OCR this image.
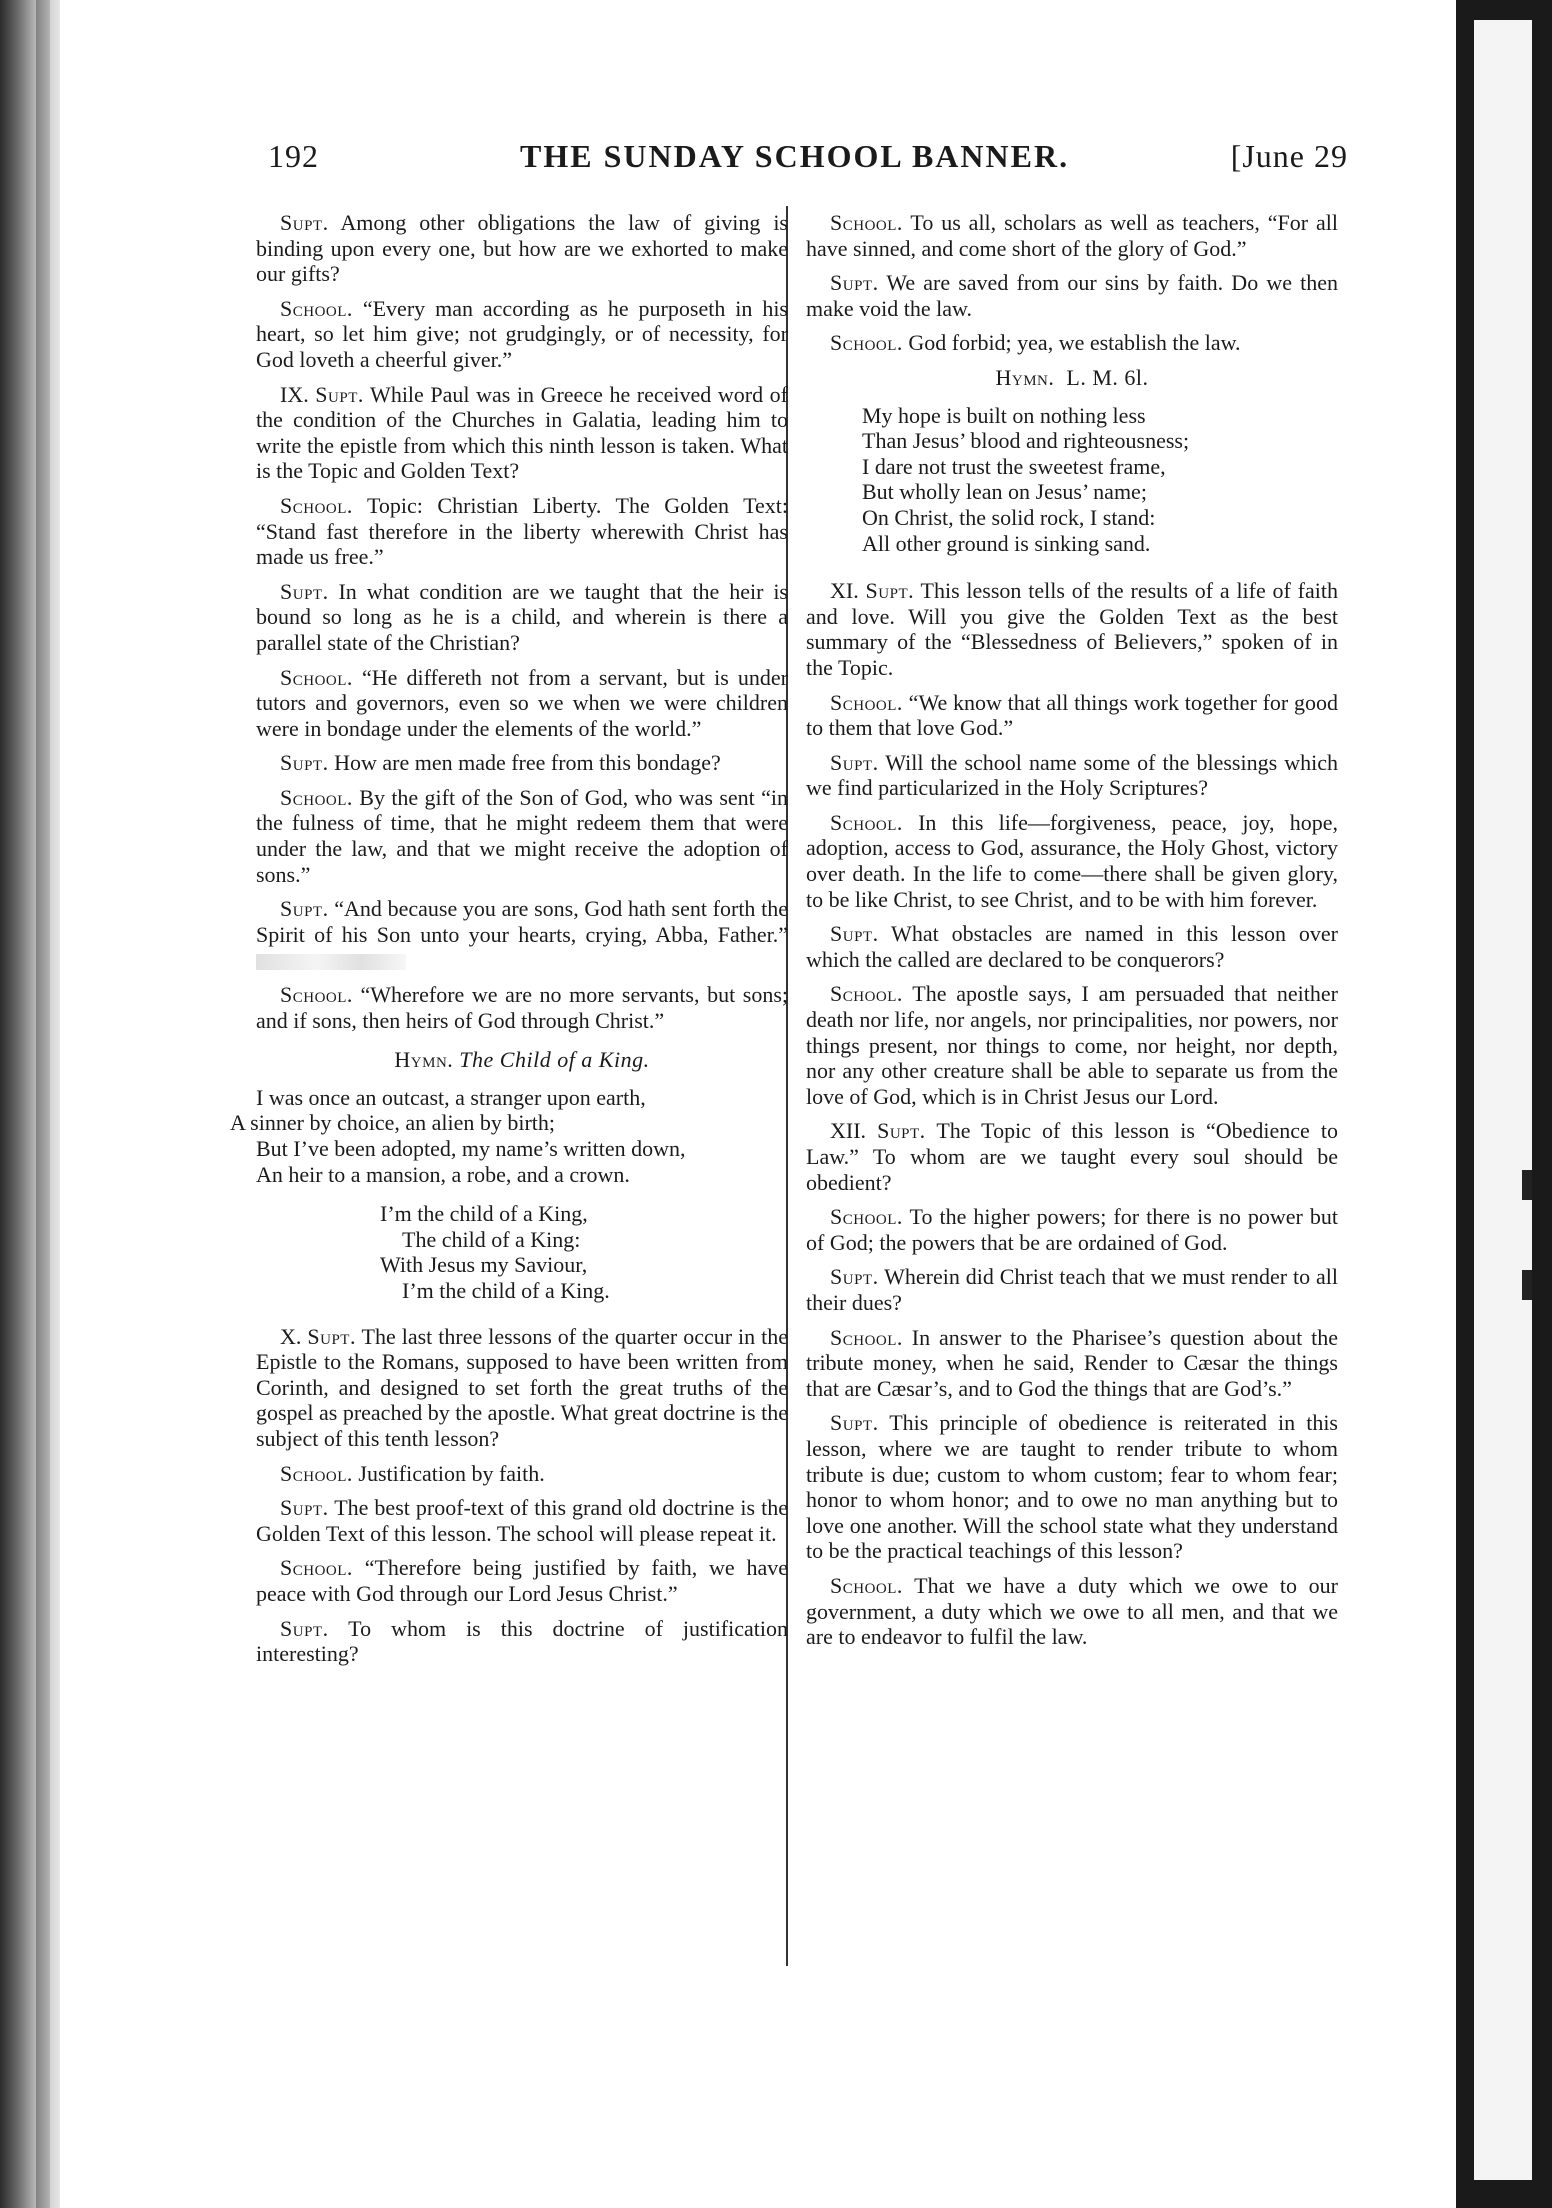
192	THE SUNDAY SCHOOL BANNER.	[June 29

Supt. Among other obligations the law of giving is binding upon every one, but how are we exhorted to make our gifts?

School. “Every man according as he purposeth in his heart, so let him give; not grudgingly, or of necessity, for God loveth a cheerful giver.”

IX. Supt. While Paul was in Greece he received word of the condition of the Churches in Galatia, leading him to write the epistle from which this ninth lesson is taken. What is the Topic and Golden Text?

School. Topic: Christian Liberty. The Golden Text: “Stand fast therefore in the liberty wherewith Christ has made us free.”

Supt. In what condition are we taught that the heir is bound so long as he is a child, and wherein is there a parallel state of the Christian?

School. “He differeth not from a servant, but is under tutors and governors, even so we when we were children were in bondage under the elements of the world.”

Supt. How are men made free from this bondage?

School. By the gift of the Son of God, who was sent “in the fulness of time, that he might redeem them that were under the law, and that we might receive the adoption of sons.”

Supt. “And because you are sons, God hath sent forth the Spirit of his Son unto your hearts, crying, Abba, Father.”

School. “Wherefore we are no more servants, but sons; and if sons, then heirs of God through Christ.”

Hymn. The Child of a King.
I was once an outcast, a stranger upon earth,
A sinner by choice, an alien by birth;
But I’ve been adopted, my name’s written down,
An heir to a mansion, a robe, and a crown.
I’m the child of a King,
The child of a King:
With Jesus my Saviour,
I’m the child of a King.

X. Supt. The last three lessons of the quarter occur in the Epistle to the Romans, supposed to have been written from Corinth, and designed to set forth the great truths of the gospel as preached by the apostle. What great doctrine is the subject of this tenth lesson?

School. Justification by faith.

Supt. The best proof-text of this grand old doctrine is the Golden Text of this lesson. The school will please repeat it.

School. “Therefore being justified by faith, we have peace with God through our Lord Jesus Christ.”

Supt. To whom is this doctrine of justification interesting?

School. To us all, scholars as well as teachers, “For all have sinned, and come short of the glory of God.”

Supt. We are saved from our sins by faith. Do we then make void the law.

School. God forbid; yea, we establish the law.

Hymn. L. M. 6l.
My hope is built on nothing less
Than Jesus’ blood and righteousness;
I dare not trust the sweetest frame,
But wholly lean on Jesus’ name;
On Christ, the solid rock, I stand:
All other ground is sinking sand.

XI. Supt. This lesson tells of the results of a life of faith and love. Will you give the Golden Text as the best summary of the “Blessedness of Believers,” spoken of in the Topic.

School. “We know that all things work together for good to them that love God.”

Supt. Will the school name some of the blessings which we find particularized in the Holy Scriptures?

School. In this life—forgiveness, peace, joy, hope, adoption, access to God, assurance, the Holy Ghost, victory over death. In the life to come—there shall be given glory, to be like Christ, to see Christ, and to be with him forever.

Supt. What obstacles are named in this lesson over which the called are declared to be conquerors?

School. The apostle says, I am persuaded that neither death nor life, nor angels, nor principalities, nor powers, nor things present, nor things to come, nor height, nor depth, nor any other creature shall be able to separate us from the love of God, which is in Christ Jesus our Lord.

XII. Supt. The Topic of this lesson is “Obedience to Law.” To whom are we taught every soul should be obedient?

School. To the higher powers; for there is no power but of God; the powers that be are ordained of God.

Supt. Wherein did Christ teach that we must render to all their dues?

School. In answer to the Pharisee’s question about the tribute money, when he said, Render to Cæsar the things that are Cæsar’s, and to God the things that are God’s.”

Supt. This principle of obedience is reiterated in this lesson, where we are taught to render tribute to whom tribute is due; custom to whom custom; fear to whom fear; honor to whom honor; and to owe no man anything but to love one another. Will the school state what they understand to be the practical teachings of this lesson?

School. That we have a duty which we owe to our government, a duty which we owe to all men, and that we are to endeavor to fulfil the law.
